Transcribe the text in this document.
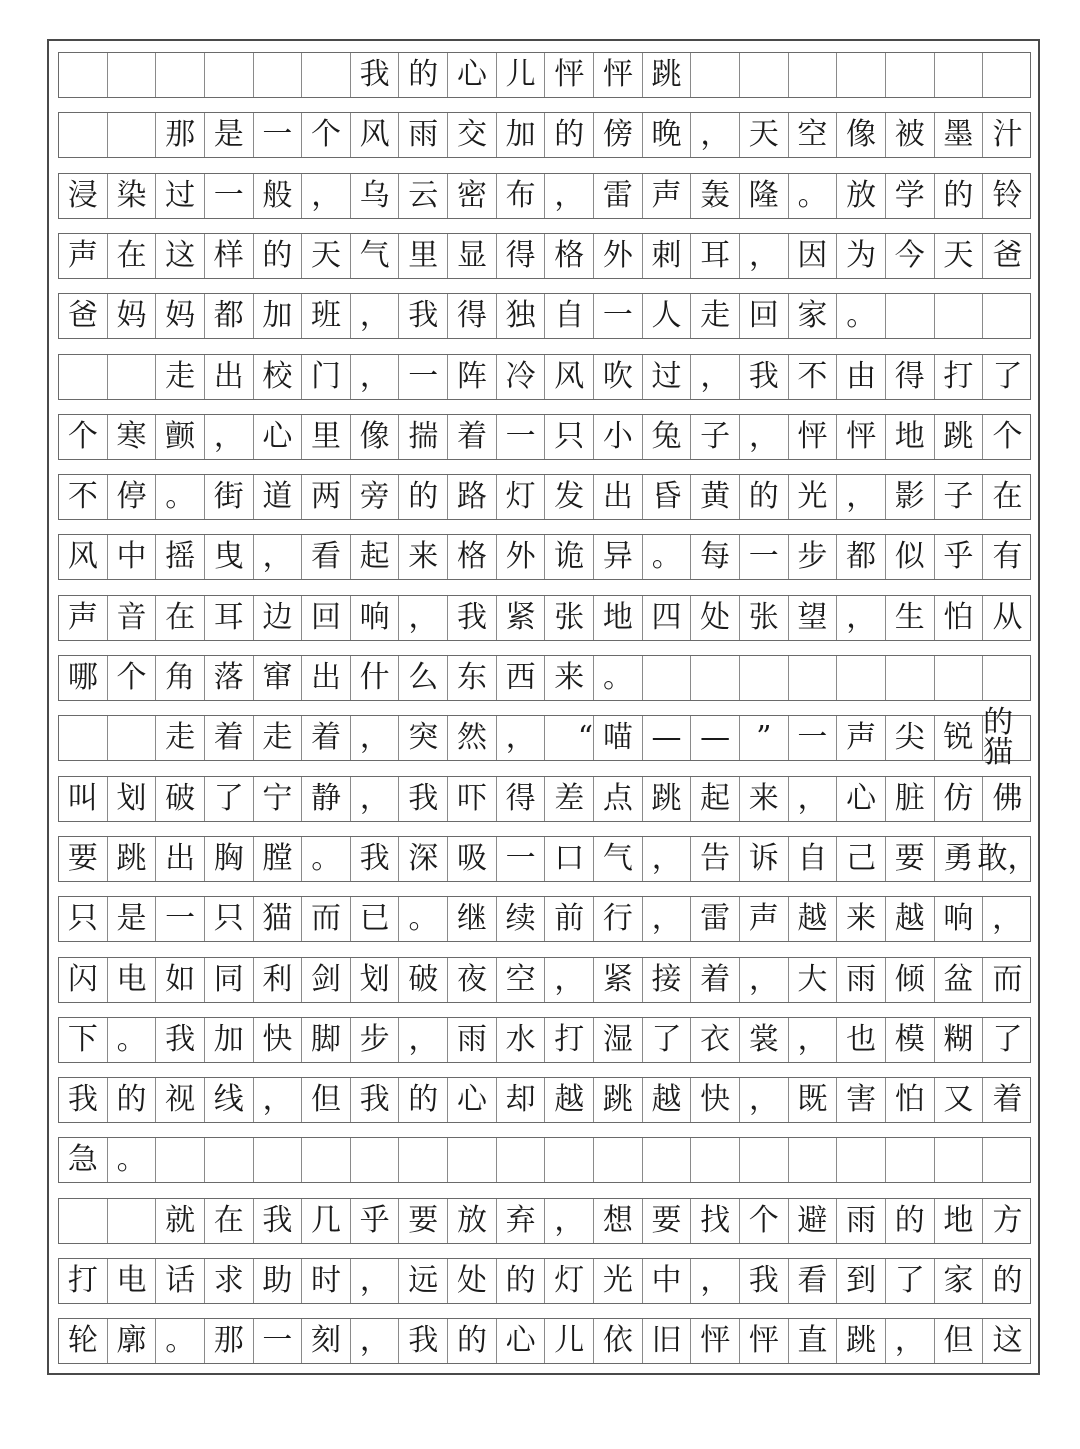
我 的 心 儿 怦 怦 跳
那 是 一 个 风 雨 交 加 的 傍 晚 ， 天 空 像 被 墨 汁
浸 染 过 一 般 ， 乌 云 密 布 ， 雷 声 轰 隆 。 放 学 的 铃
声 在 这 样 的 天 气 里 显 得 格 外 刺 耳 ， 因 为 今 天 爸
爸 妈 妈 都 加 班 ， 我 得 独 自 一 人 走 回 家 。
走 出 校 门 ， 一 阵 冷 风 吹 过 ， 我 不 由 得 打 了
个 寒 颤 ， 心 里 像 揣 着 一 只 小 兔 子 ， 怦 怦 地 跳 个
不 停 。 街 道 两 旁 的 路 灯 发 出 昏 黄 的 光 ， 影 子 在
风 中 摇 曳 ， 看 起 来 格 外 诡 异 。 每 一 步 都 似 乎 有
声 音 在 耳 边 回 响 ， 我 紧 张 地 四 处 张 望 ， 生 怕 从
哪 个 角 落 窜 出 什 么 东 西 来 。
走 着 走 着 ， 突 然 ，	“ 喵 — — ” 一 声 尖 锐 的猫
叫 划 破 了 宁 静 ， 我 吓 得 差 点 跳 起 来 ， 心 脏 仿 佛
要 跳 出 胸 膛 。 我 深 吸 一 口 气 ， 告 诉 自 己 要 勇 敢，
只 是 一 只 猫 而 已 。 继 续 前 行 ， 雷 声 越 来 越 响 ，
闪 电 如 同 利 剑 划 破 夜 空 ， 紧 接 着 ， 大 雨 倾 盆 而
下 。 我 加 快 脚 步 ， 雨 水 打 湿 了 衣 裳 ， 也 模 糊 了
我 的 视 线 ， 但 我 的 心 却 越 跳 越 快 ， 既 害 怕 又 着
急 。
就 在 我 几 乎 要 放 弃 ， 想 要 找 个 避 雨 的 地 方
打 电 话 求 助 时 ， 远 处 的 灯 光 中 ， 我 看 到 了 家 的
轮 廓 。 那 一 刻 ， 我 的 心 儿 依 旧 怦 怦 直 跳 ， 但 这
